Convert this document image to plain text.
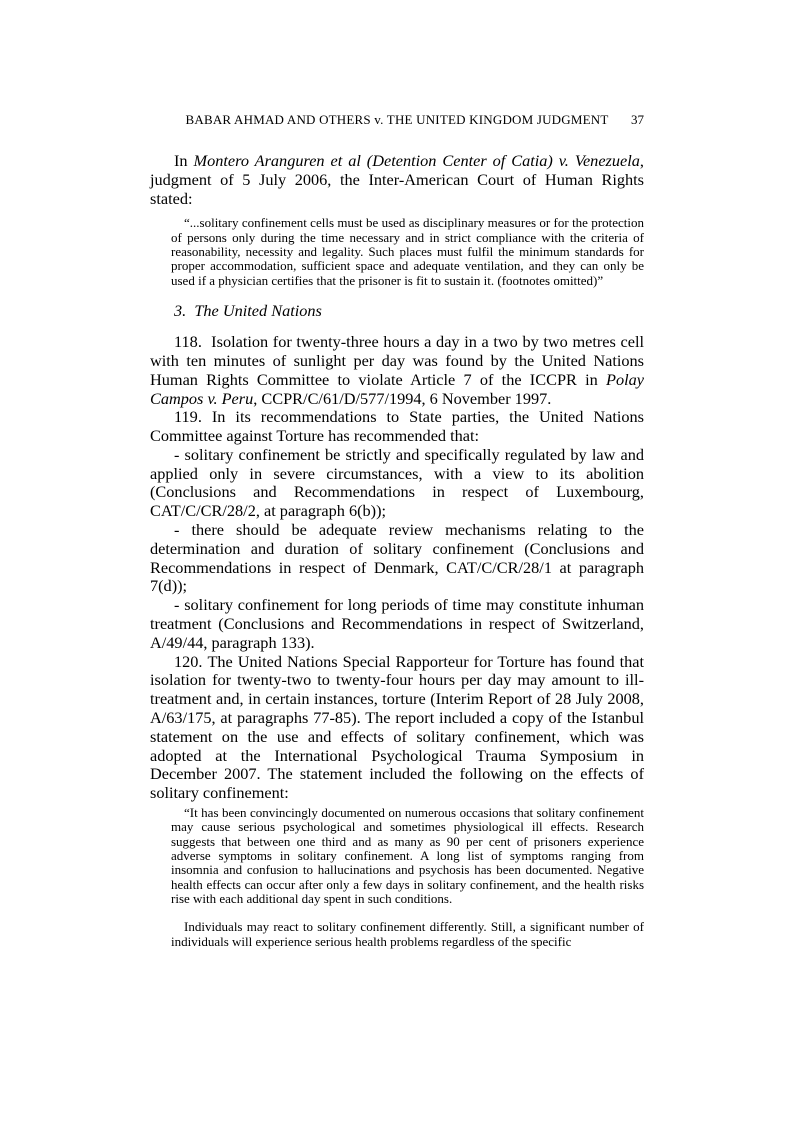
BABAR AHMAD AND OTHERS v. THE UNITED KINGDOM JUDGMENT 37

In Montero Aranguren et al (Detention Center of Catia) v. Venezuela, judgment of 5 July 2006, the Inter-American Court of Human Rights stated:

“...solitary confinement cells must be used as disciplinary measures or for the protection of persons only during the time necessary and in strict compliance with the criteria of reasonability, necessity and legality. Such places must fulfil the minimum standards for proper accommodation, sufficient space and adequate ventilation, and they can only be used if a physician certifies that the prisoner is fit to sustain it. (footnotes omitted)”

3.  The United Nations

118.  Isolation for twenty-three hours a day in a two by two metres cell with ten minutes of sunlight per day was found by the United Nations Human Rights Committee to violate Article 7 of the ICCPR in Polay Campos v. Peru, CCPR/C/61/D/577/1994, 6 November 1997.

119. In its recommendations to State parties, the United Nations Committee against Torture has recommended that:

- solitary confinement be strictly and specifically regulated by law and applied only in severe circumstances, with a view to its abolition (Conclusions and Recommendations in respect of Luxembourg, CAT/C/CR/28/2, at paragraph 6(b));

- there should be adequate review mechanisms relating to the determination and duration of solitary confinement (Conclusions and Recommendations in respect of Denmark, CAT/C/CR/28/1 at paragraph 7(d));

- solitary confinement for long periods of time may constitute inhuman treatment (Conclusions and Recommendations in respect of Switzerland, A/49/44, paragraph 133).

120. The United Nations Special Rapporteur for Torture has found that isolation for twenty-two to twenty-four hours per day may amount to ill-treatment and, in certain instances, torture (Interim Report of 28 July 2008, A/63/175, at paragraphs 77-85). The report included a copy of the Istanbul statement on the use and effects of solitary confinement, which was adopted at the International Psychological Trauma Symposium in December 2007. The statement included the following on the effects of solitary confinement:

“It has been convincingly documented on numerous occasions that solitary confinement may cause serious psychological and sometimes physiological ill effects. Research suggests that between one third and as many as 90 per cent of prisoners experience adverse symptoms in solitary confinement. A long list of symptoms ranging from insomnia and confusion to hallucinations and psychosis has been documented. Negative health effects can occur after only a few days in solitary confinement, and the health risks rise with each additional day spent in such conditions.

Individuals may react to solitary confinement differently. Still, a significant number of individuals will experience serious health problems regardless of the specific
